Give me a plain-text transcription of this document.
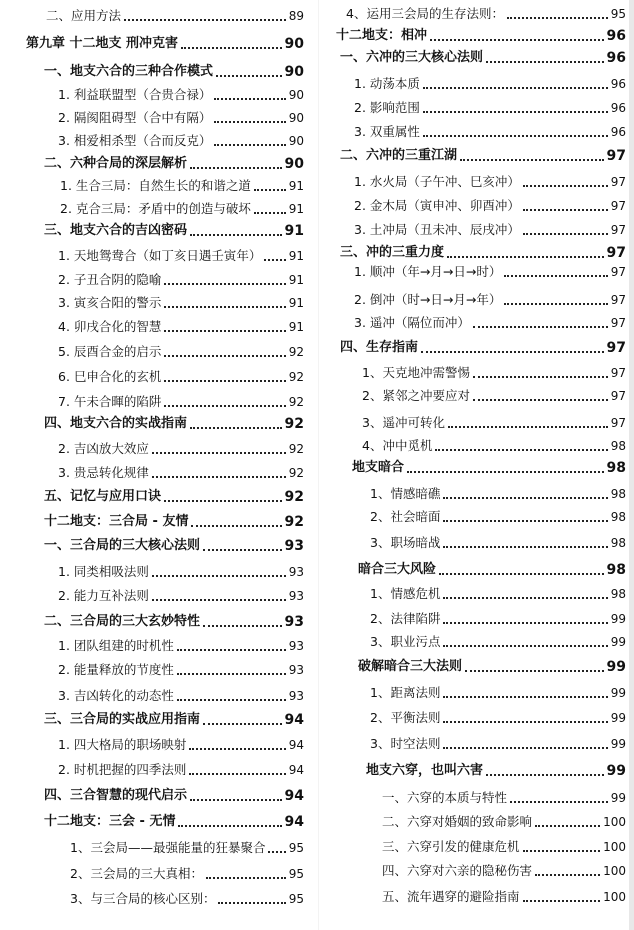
二、应用方法	89
第九章 十二地支 刑冲克害	90
一、地支六合的三种合作模式	90
1. 利益联盟型（合贵合禄）	90
2. 隔阂阻碍型（合中有隔）	90
3. 相爱相杀型（合而反克）	90
二、六种合局的深层解析	90
1. 生合三局：自然生长的和谐之道	91
2. 克合三局：矛盾中的创造与破坏	91
三、地支六合的吉凶密码	91
1. 天地鸳鸯合（如丁亥日遇壬寅年） 91
2. 子丑合阴的隐喻	91
3. 寅亥合阳的警示	91
4. 卯戌合化的智慧	91
5. 辰酉合金的启示	92
6. 巳申合化的玄机	92
7. 午未合暉的陷阱	92
四、地支六合的实战指南	92
2. 吉凶放大效应	92
3. 贵忌转化规律	92
五、记忆与应用口诀	92
十二地支：三合局 - 友情	92
一、三合局的三大核心法则	93
1. 同类相吸法则	93
2. 能力互补法则	93
二、三合局的三大玄妙特性	93
1. 团队组建的时机性	93
2. 能量释放的节度性	93
3. 吉凶转化的动态性	93
三、三合局的实战应用指南	94
1. 四大格局的职场映射	94
2. 时机把握的四季法则	94
四、三合智慧的现代启示	94
十二地支：三会 - 无情	94
1、三会局——最强能量的狂暴聚合 95
2、三会局的三大真相：	95
3、与三合局的核心区别：	95
4、运用三会局的生存法则：	95
十二地支：相冲	96
一、六冲的三大核心法则	96
1. 动荡本质	96
2. 影响范围	96
3. 双重属性	96
二、六冲的三重江湖	97
1. 水火局（子午冲、巳亥冲）	97
2. 金木局（寅申冲、卯酉冲）	97
3. 土冲局（丑未冲、辰戌冲）	97
三、冲的三重力度	97
1. 顺冲（年→月→日→时）	97
2. 倒冲（时→日→月→年）	97
3. 遥冲（隔位而冲）	97
四、生存指南	97
1、天克地冲需警惕	97
2、紧邻之冲要应对	97
3、遥冲可转化	97
4、冲中觅机	98
地支暗合	98
1、情感暗礁	98
2、社会暗面	98
3、职场暗战	98
暗合三大风险	98
1、情感危机	98
2、法律陷阱	99
3、职业污点	99
破解暗合三大法则	99
1、距离法则	99
2、平衡法则	99
3、时空法则	99
地支六穿，也叫六害	99
一、六穿的本质与特性	99
二、六穿对婚姻的致命影响	100
三、六穿引发的健康危机	100
四、六穿对六亲的隐秘伤害	100
五、流年遇穿的避险指南	100
